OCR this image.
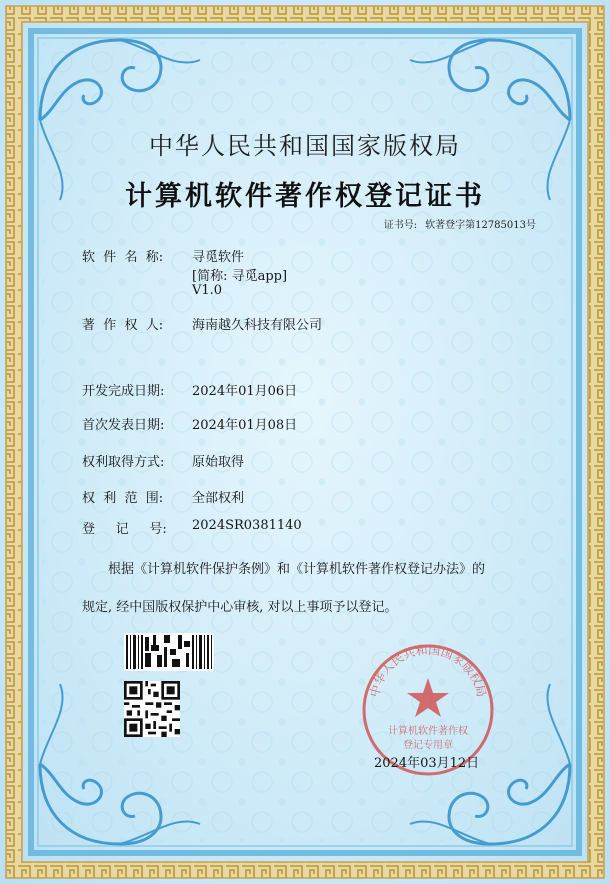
中华人民共和国国家版权局
计算机软件著作权登记证书
证书号: 软著登字第12785013号
软  件  名  称: 寻觅软件
[简称: 寻觅app]
V1.0
著  作  权  人: 海南越久科技有限公司
开发完成日期: 2024年01月06日
首次发表日期: 2024年01月08日
权利取得方式: 原始取得
权  利  范  围: 全部权利
登     记     号: 2024SR0381140
根据《计算机软件保护条例》和《计算机软件著作权登记办法》的
规定, 经中国版权保护中心审核, 对以上事项予以登记。
中华人民共和国国家版权局
计算机软件著作权
登记专用章
2024年03月12日
